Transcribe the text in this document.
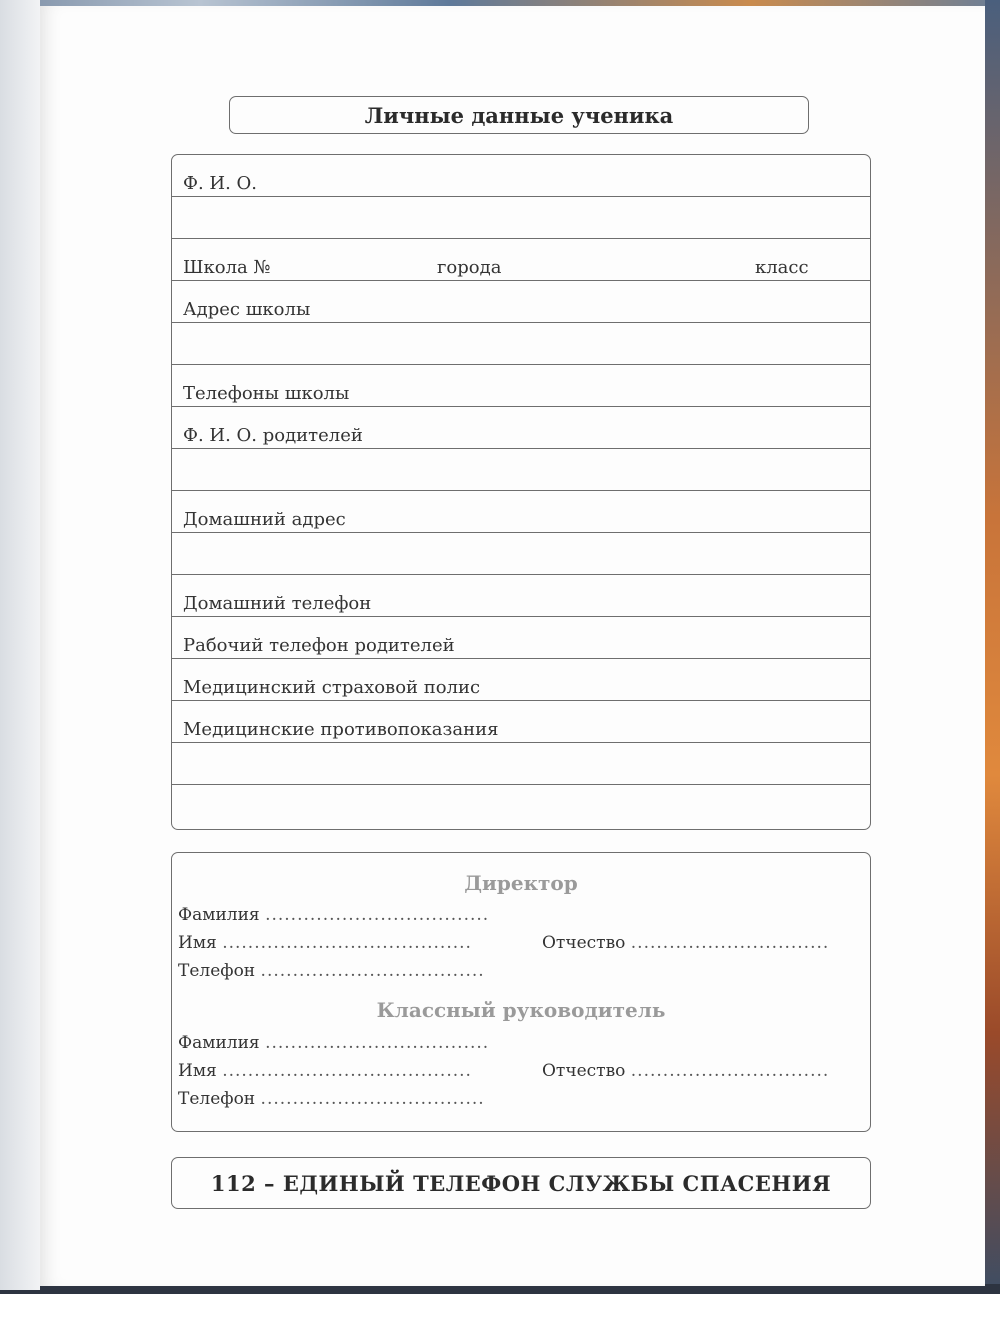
Личные данные ученика
Ф. И. О.
Школа №	города	класс
Адрес школы
Телефоны школы
Ф. И. О. родителей
Домашний адрес
Домашний телефон
Рабочий телефон родителей
Медицинский страховой полис
Медицинские противопоказания
Директор
Фамилия ...................................
Имя .......................................	Отчество ...............................
Телефон ...................................
Классный руководитель
Фамилия ...................................
Имя .......................................	Отчество ...............................
Телефон ...................................
112 – ЕДИНЫЙ ТЕЛЕФОН СЛУЖБЫ СПАСЕНИЯ
